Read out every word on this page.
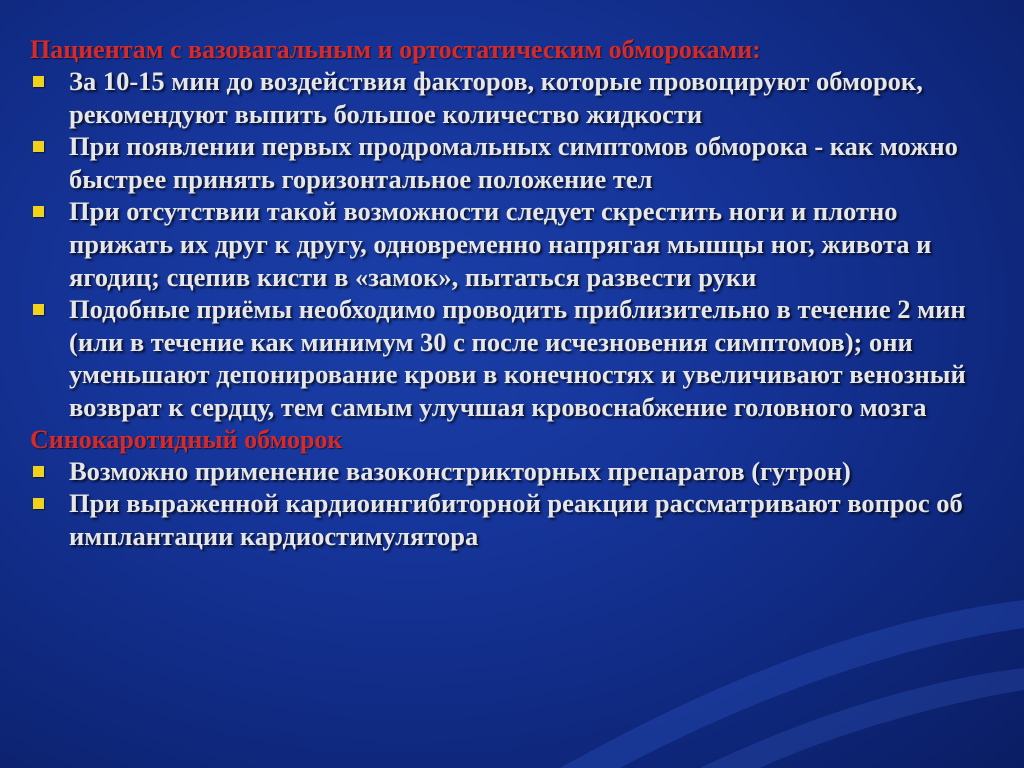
Пациентам с вазовагальным и ортостатическим обмороками:
За 10-15 мин до воздействия факторов, которые провоцируют обморок, рекомендуют выпить большое количество жидкости
При появлении первых продромальных симптомов обморока - как можно быстрее принять горизонтальное положение тел
При отсутствии такой возможности следует скрестить ноги и плотно прижать их друг к другу, одновременно напрягая мышцы ног, живота и ягодиц; сцепив кисти в «замок», пытаться развести руки
Подобные приёмы необходимо проводить приблизительно в течение 2 мин (или в течение как минимум 30 с после исчезновения симптомов); они уменьшают депонирование крови в конечностях и увеличивают венозный возврат к сердцу, тем самым улучшая кровоснабжение головного мозга
Синокаротидный обморок
Возможно применение вазоконстрикторных препаратов (гутрон)
При выраженной кардиоингибиторной реакции рассматривают вопрос об имплантации кардиостимулятора
